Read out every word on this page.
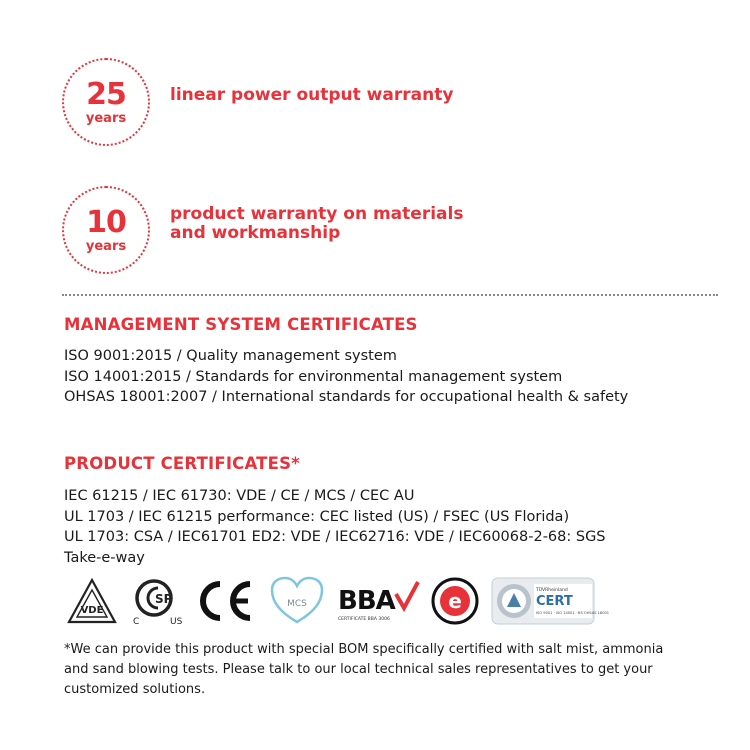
25
years
linear power output warranty
10
years
product warranty on materials
and workmanship
MANAGEMENT SYSTEM CERTIFICATES
ISO 9001:2015 / Quality management system
ISO 14001:2015 / Standards for environmental management system
OHSAS 18001:2007 / International standards for occupational health & safety
PRODUCT CERTIFICATES*
IEC 61215 / IEC 61730: VDE / CE / MCS / CEC AU
UL 1703 / IEC 61215 performance: CEC listed (US) / FSEC (US Florida)
UL 1703: CSA / IEC61701 ED2: VDE / IEC62716: VDE / IEC60068-2-68: SGS
Take-e-way
VDE
SP
C	US
MCS BBA
CERTIFICATE BBA 3006
e	TÜVRheinland
CERT
ISO 9001 · ISO 14001 · BS OHSAS 18001
*We can provide this product with special BOM specifically certified with salt mist, ammonia and sand blowing tests. Please talk to our local technical sales representatives to get your customized solutions.
